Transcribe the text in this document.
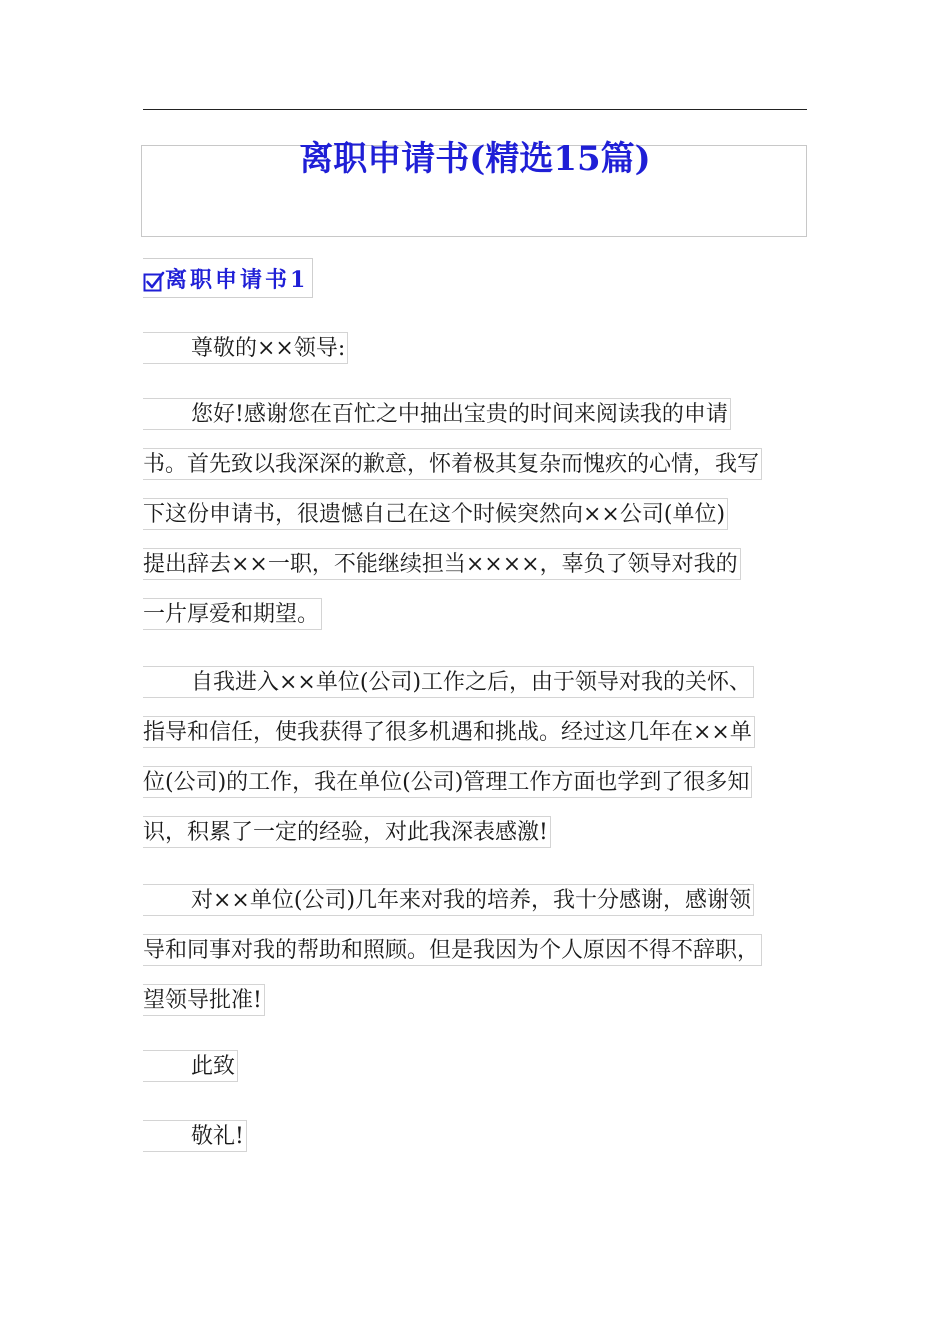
离职申请书(精选15篇)
离职申请书1
尊敬的××领导:
您好!感谢您在百忙之中抽出宝贵的时间来阅读我的申请
书。首先致以我深深的歉意，怀着极其复杂而愧疚的心情，我写
下这份申请书，很遗憾自己在这个时候突然向××公司(单位)
提出辞去××一职，不能继续担当××××，辜负了领导对我的
一片厚爱和期望。
自我进入××单位(公司)工作之后，由于领导对我的关怀、
指导和信任，使我获得了很多机遇和挑战。经过这几年在××单
位(公司)的工作，我在单位(公司)管理工作方面也学到了很多知
识，积累了一定的经验，对此我深表感激!
对××单位(公司)几年来对我的培养，我十分感谢，感谢领
导和同事对我的帮助和照顾。但是我因为个人原因不得不辞职，
望领导批准!
此致
敬礼!
